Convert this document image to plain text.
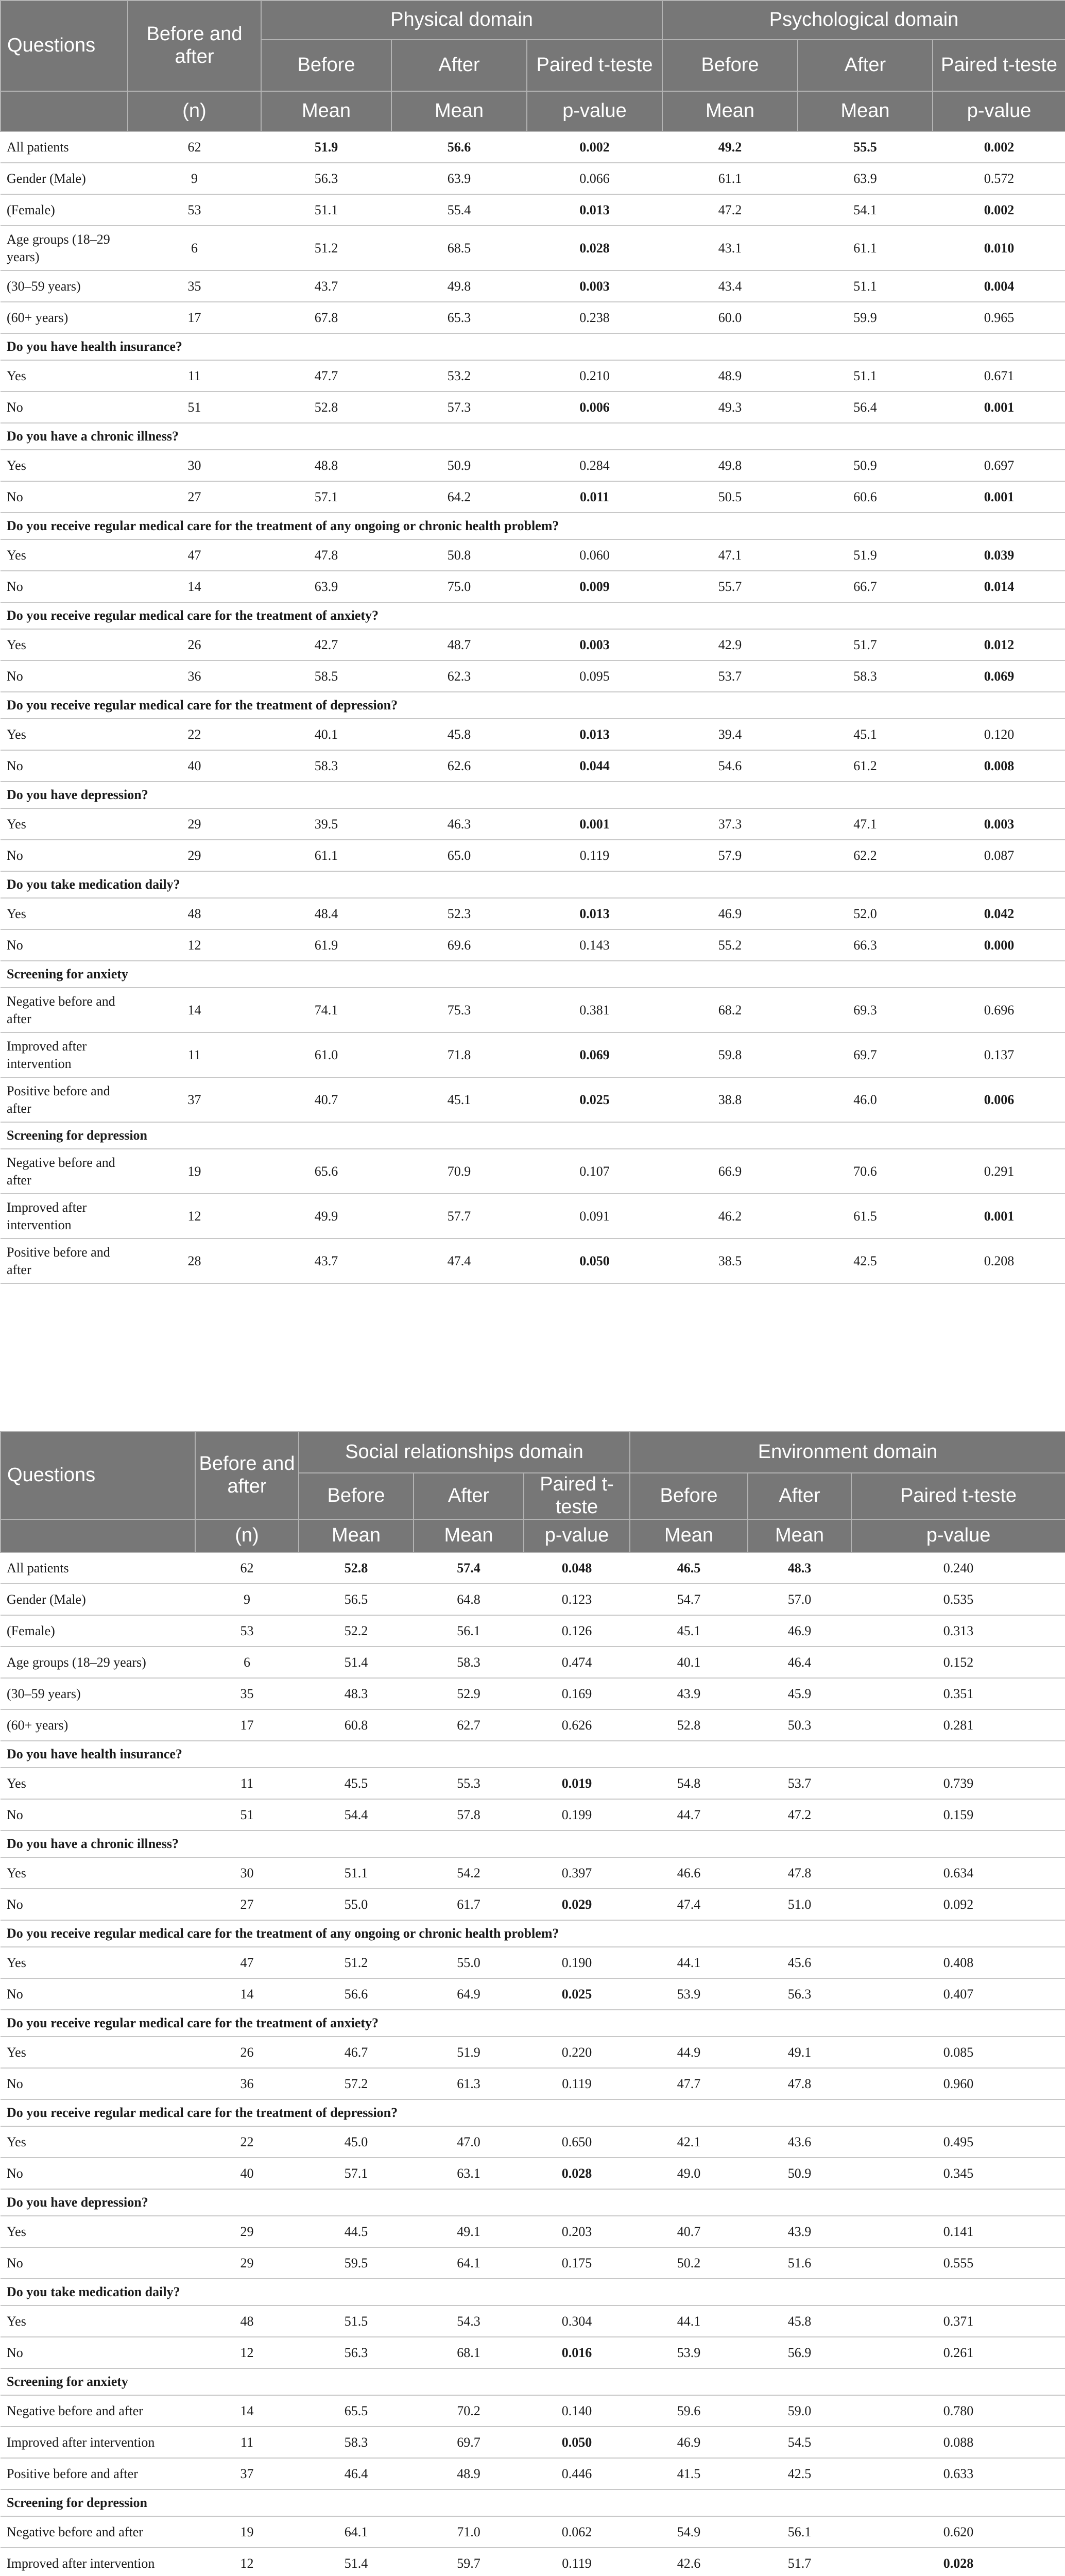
Questions	Before and after	Physical domain			Psychological domain		
		Before	After	Paired t-teste	Before	After	Paired t-teste
	(n)	Mean	Mean	p-value	Mean	Mean	p-value
All patients	62	51.9	56.6	0.002	49.2	55.5	0.002
Gender (Male)	9	56.3	63.9	0.066	61.1	63.9	0.572
(Female)	53	51.1	55.4	0.013	47.2	54.1	0.002
Age groups (18–29 years)	6	51.2	68.5	0.028	43.1	61.1	0.010
(30–59 years)	35	43.7	49.8	0.003	43.4	51.1	0.004
(60+ years)	17	67.8	65.3	0.238	60.0	59.9	0.965
Do you have health insurance?							
Yes	11	47.7	53.2	0.210	48.9	51.1	0.671
No	51	52.8	57.3	0.006	49.3	56.4	0.001
Do you have a chronic illness?							
Yes	30	48.8	50.9	0.284	49.8	50.9	0.697
No	27	57.1	64.2	0.011	50.5	60.6	0.001
Do you receive regular medical care for the treatment of any ongoing or chronic health problem?							
Yes	47	47.8	50.8	0.060	47.1	51.9	0.039
No	14	63.9	75.0	0.009	55.7	66.7	0.014
Do you receive regular medical care for the treatment of anxiety?							
Yes	26	42.7	48.7	0.003	42.9	51.7	0.012
No	36	58.5	62.3	0.095	53.7	58.3	0.069
Do you receive regular medical care for the treatment of depression?							
Yes	22	40.1	45.8	0.013	39.4	45.1	0.120
No	40	58.3	62.6	0.044	54.6	61.2	0.008
Do you have depression?							
Yes	29	39.5	46.3	0.001	37.3	47.1	0.003
No	29	61.1	65.0	0.119	57.9	62.2	0.087
Do you take medication daily?							
Yes	48	48.4	52.3	0.013	46.9	52.0	0.042
No	12	61.9	69.6	0.143	55.2	66.3	0.000
Screening for anxiety							
Negative before and after	14	74.1	75.3	0.381	68.2	69.3	0.696
Improved after intervention	11	61.0	71.8	0.069	59.8	69.7	0.137
Positive before and after	37	40.7	45.1	0.025	38.8	46.0	0.006
Screening for depression							
Negative before and after	19	65.6	70.9	0.107	66.9	70.6	0.291
Improved after intervention	12	49.9	57.7	0.091	46.2	61.5	0.001
Positive before and after	28	43.7	47.4	0.050	38.5	42.5	0.208
Questions	Before and after	Social relationships domain			Environment domain		
		Before	After	Paired t-teste	Before	After	Paired t-teste
	(n)	Mean	Mean	p-value	Mean	Mean	p-value
All patients	62	52.8	57.4	0.048	46.5	48.3	0.240
Gender (Male)	9	56.5	64.8	0.123	54.7	57.0	0.535
(Female)	53	52.2	56.1	0.126	45.1	46.9	0.313
Age groups (18–29 years)	6	51.4	58.3	0.474	40.1	46.4	0.152
(30–59 years)	35	48.3	52.9	0.169	43.9	45.9	0.351
(60+ years)	17	60.8	62.7	0.626	52.8	50.3	0.281
Do you have health insurance?							
Yes	11	45.5	55.3	0.019	54.8	53.7	0.739
No	51	54.4	57.8	0.199	44.7	47.2	0.159
Do you have a chronic illness?							
Yes	30	51.1	54.2	0.397	46.6	47.8	0.634
No	27	55.0	61.7	0.029	47.4	51.0	0.092
Do you receive regular medical care for the treatment of any ongoing or chronic health problem?							
Yes	47	51.2	55.0	0.190	44.1	45.6	0.408
No	14	56.6	64.9	0.025	53.9	56.3	0.407
Do you receive regular medical care for the treatment of anxiety?							
Yes	26	46.7	51.9	0.220	44.9	49.1	0.085
No	36	57.2	61.3	0.119	47.7	47.8	0.960
Do you receive regular medical care for the treatment of depression?							
Yes	22	45.0	47.0	0.650	42.1	43.6	0.495
No	40	57.1	63.1	0.028	49.0	50.9	0.345
Do you have depression?							
Yes	29	44.5	49.1	0.203	40.7	43.9	0.141
No	29	59.5	64.1	0.175	50.2	51.6	0.555
Do you take medication daily?							
Yes	48	51.5	54.3	0.304	44.1	45.8	0.371
No	12	56.3	68.1	0.016	53.9	56.9	0.261
Screening for anxiety							
Negative before and after	14	65.5	70.2	0.140	59.6	59.0	0.780
Improved after intervention	11	58.3	69.7	0.050	46.9	54.5	0.088
Positive before and after	37	46.4	48.9	0.446	41.5	42.5	0.633
Screening for depression							
Negative before and after	19	64.1	71.0	0.062	54.9	56.1	0.620
Improved after intervention	12	51.4	59.7	0.119	42.6	51.7	0.028
